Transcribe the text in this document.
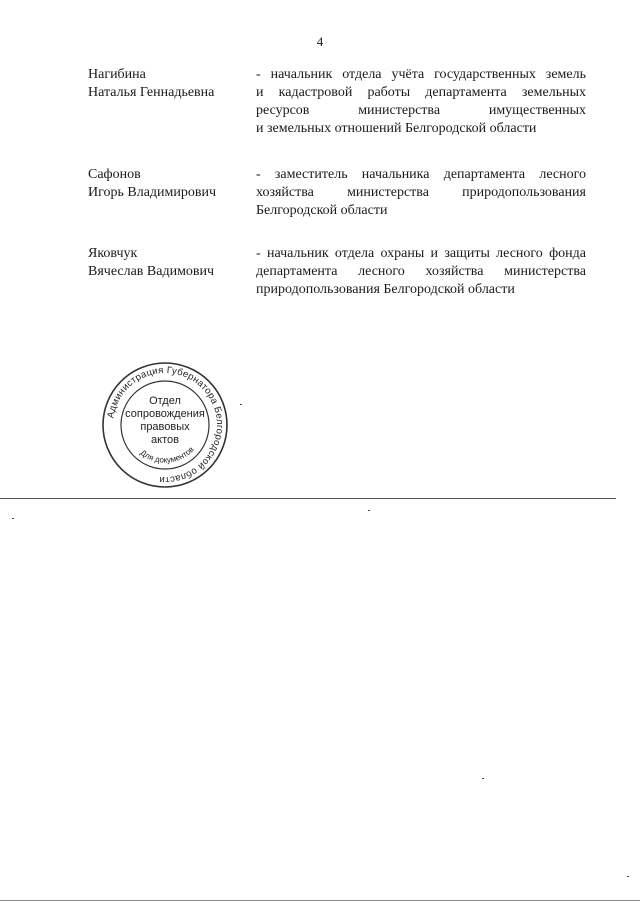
4
Нагибина
Наталья Геннадьевна
- начальник отдела учёта государственных земель
и кадастровой работы департамента земельных
ресурсов министерства имущественных
и земельных отношений Белгородской области
Сафонов
Игорь Владимирович
- заместитель начальника департамента лесного
хозяйства министерства природопользования
Белгородской области
Яковчук
Вячеслав Вадимович
- начальник отдела охраны и защиты лесного фонда
департамента лесного хозяйства министерства
природопользования Белгородской области
Администрация Губернатора Белгородской области
Для документов
Отдел
сопровождения
правовых
актов
